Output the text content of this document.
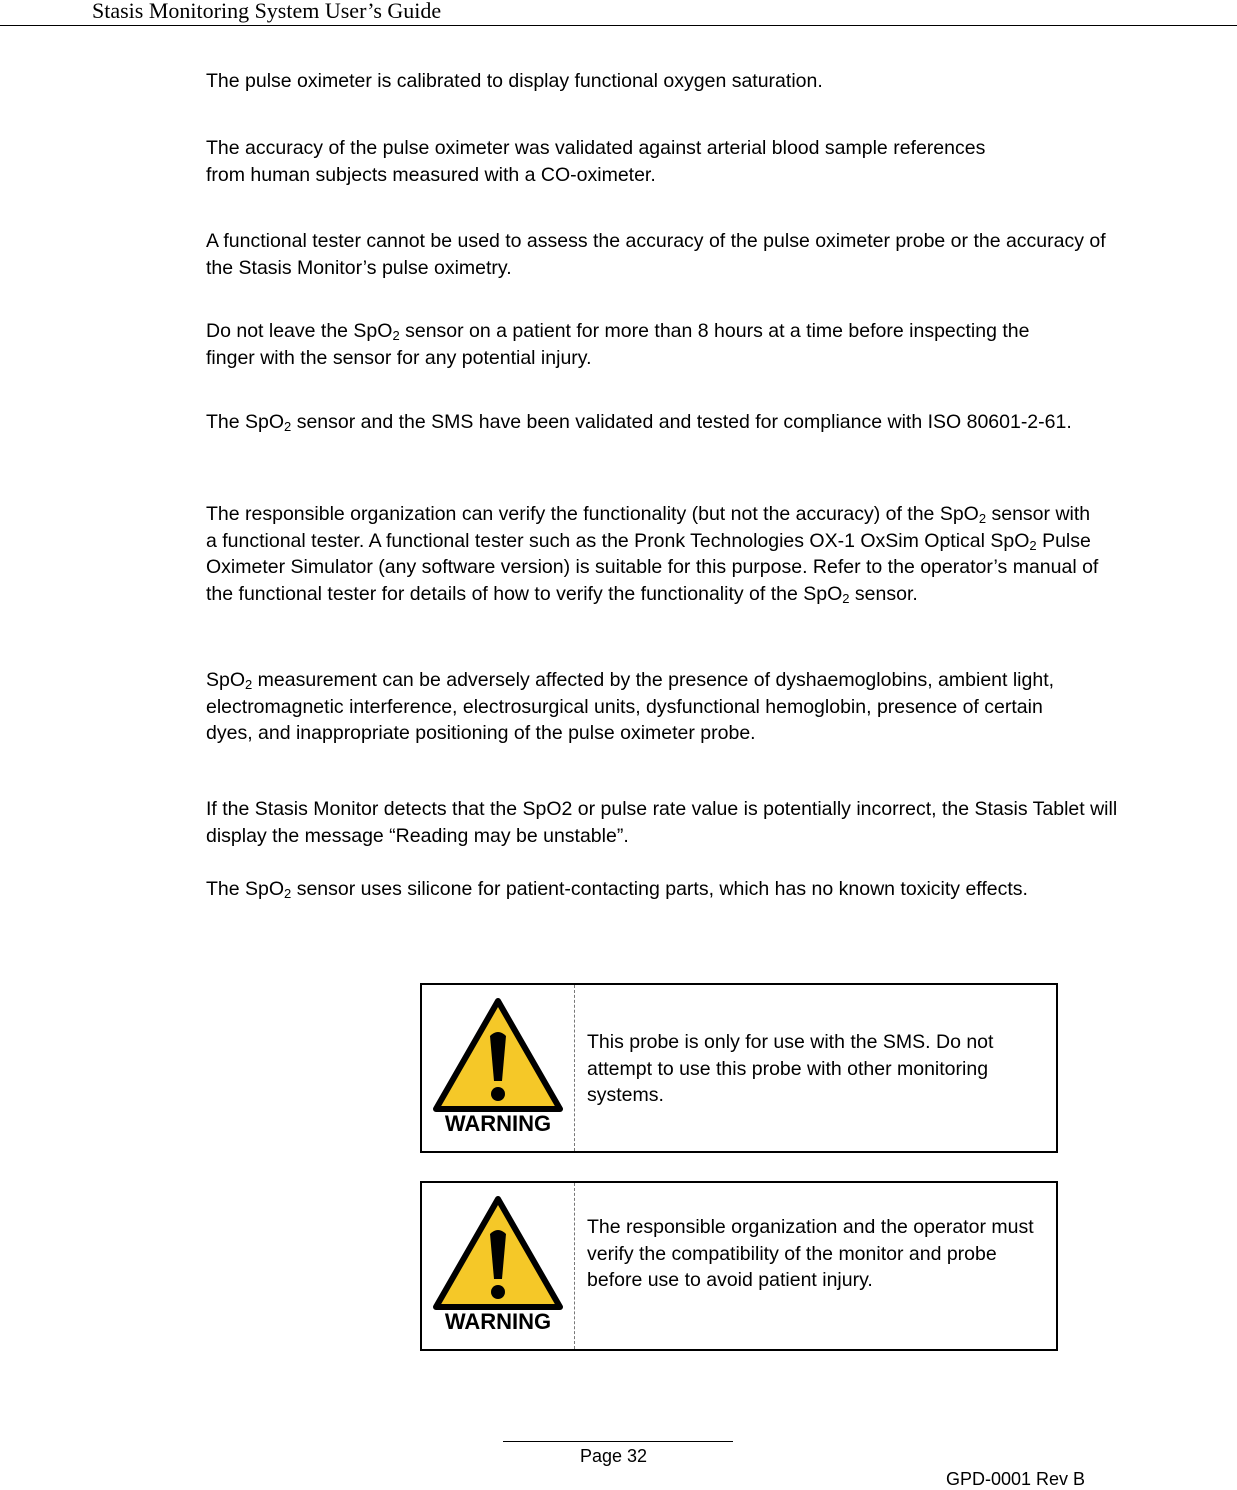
Stasis Monitoring System User’s Guide

The pulse oximeter is calibrated to display functional oxygen saturation.

The accuracy of the pulse oximeter was validated against arterial blood sample references from human subjects measured with a CO-oximeter.

A functional tester cannot be used to assess the accuracy of the pulse oximeter probe or the accuracy of the Stasis Monitor’s pulse oximetry.

Do not leave the SpO$_2$ sensor on a patient for more than 8 hours at a time before inspecting the finger with the sensor for any potential injury.

The SpO$_2$ sensor and the SMS have been validated and tested for compliance with ISO 80601-2-61.

The responsible organization can verify the functionality (but not the accuracy) of the SpO$_2$ sensor with a functional tester. A functional tester such as the Pronk Technologies OX-1 OxSim Optical SpO$_2$ Pulse Oximeter Simulator (any software version) is suitable for this purpose. Refer to the operator’s manual of the functional tester for details of how to verify the functionality of the SpO$_2$ sensor.

SpO$_2$ measurement can be adversely affected by the presence of dyshaemoglobins, ambient light, electromagnetic interference, electrosurgical units, dysfunctional hemoglobin, presence of certain dyes, and inappropriate positioning of the pulse oximeter probe.

If the Stasis Monitor detects that the SpO2 or pulse rate value is potentially incorrect, the Stasis Tablet will display the message “Reading may be unstable”.

The SpO$_2$ sensor uses silicone for patient-contacting parts, which has no known toxicity effects.

WARNING
This probe is only for use with the SMS. Do not attempt to use this probe with other monitoring systems.
WARNING
The responsible organization and the operator must verify the compatibility of the monitor and probe before use to avoid patient injury.
Page 32
GPD-0001 Rev B
